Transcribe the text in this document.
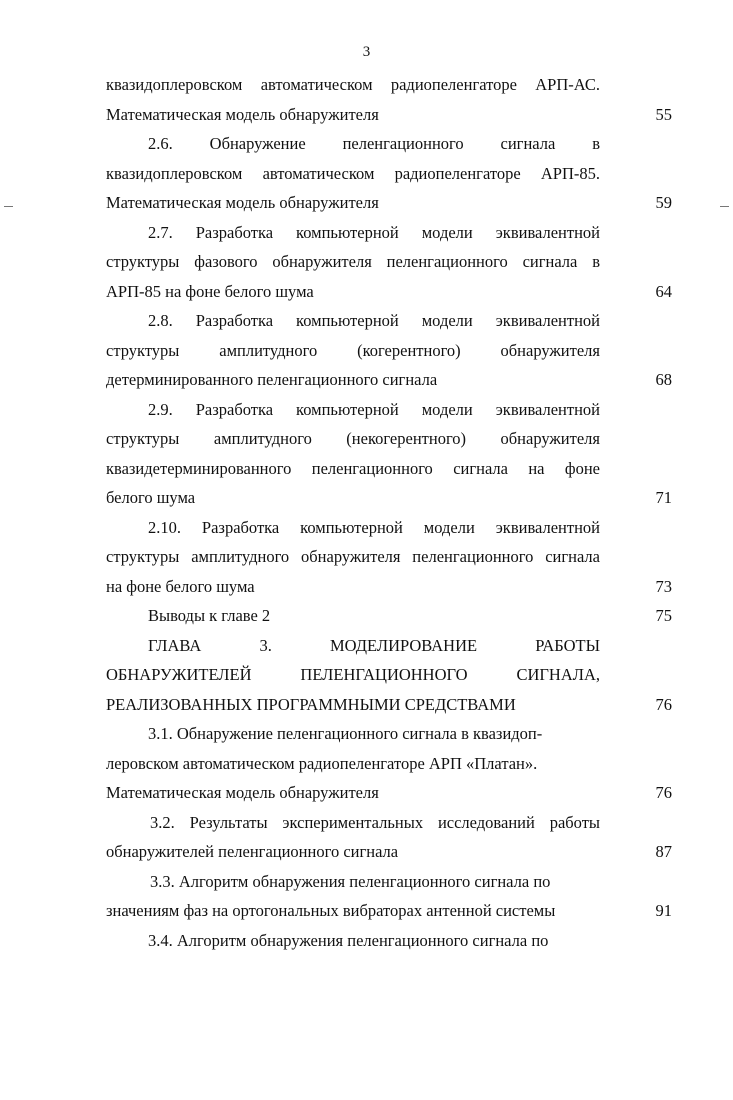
3
квазидоплеровском автоматическом радиопеленгаторе АРП-АС.
Математическая модель обнаружителя	55
2.6. Обнаружение пеленгационного сигнала в
квазидоплеровском автоматическом радиопеленгаторе АРП-85.
Математическая модель обнаружителя	59
2.7. Разработка компьютерной модели эквивалентной
структуры фазового обнаружителя пеленгационного сигнала в
АРП-85 на фоне белого шума	64
2.8. Разработка компьютерной модели эквивалентной
структуры амплитудного (когерентного) обнаружителя
детерминированного пеленгационного сигнала	68
2.9. Разработка компьютерной модели эквивалентной
структуры амплитудного (некогерентного) обнаружителя
квазидетерминированного пеленгационного сигнала на фоне
белого шума	71
2.10. Разработка компьютерной модели эквивалентной
структуры амплитудного обнаружителя пеленгационного сигнала
на фоне белого шума	73
Выводы к главе 2	75
ГЛАВА 3. МОДЕЛИРОВАНИЕ РАБОТЫ
ОБНАРУЖИТЕЛЕЙ ПЕЛЕНГАЦИОННОГО СИГНАЛА,
РЕАЛИЗОВАННЫХ ПРОГРАММНЫМИ СРЕДСТВАМИ	76
3.1. Обнаружение пеленгационного сигнала в квазидоп-
леровском автоматическом радиопеленгаторе АРП «Платан».
Математическая модель обнаружителя	76
3.2. Результаты экспериментальных исследований работы
обнаружителей пеленгационного сигнала	87
3.3. Алгоритм обнаружения пеленгационного сигнала по
значениям фаз на ортогональных вибраторах антенной системы	91
3.4. Алгоритм обнаружения пеленгационного сигнала по
